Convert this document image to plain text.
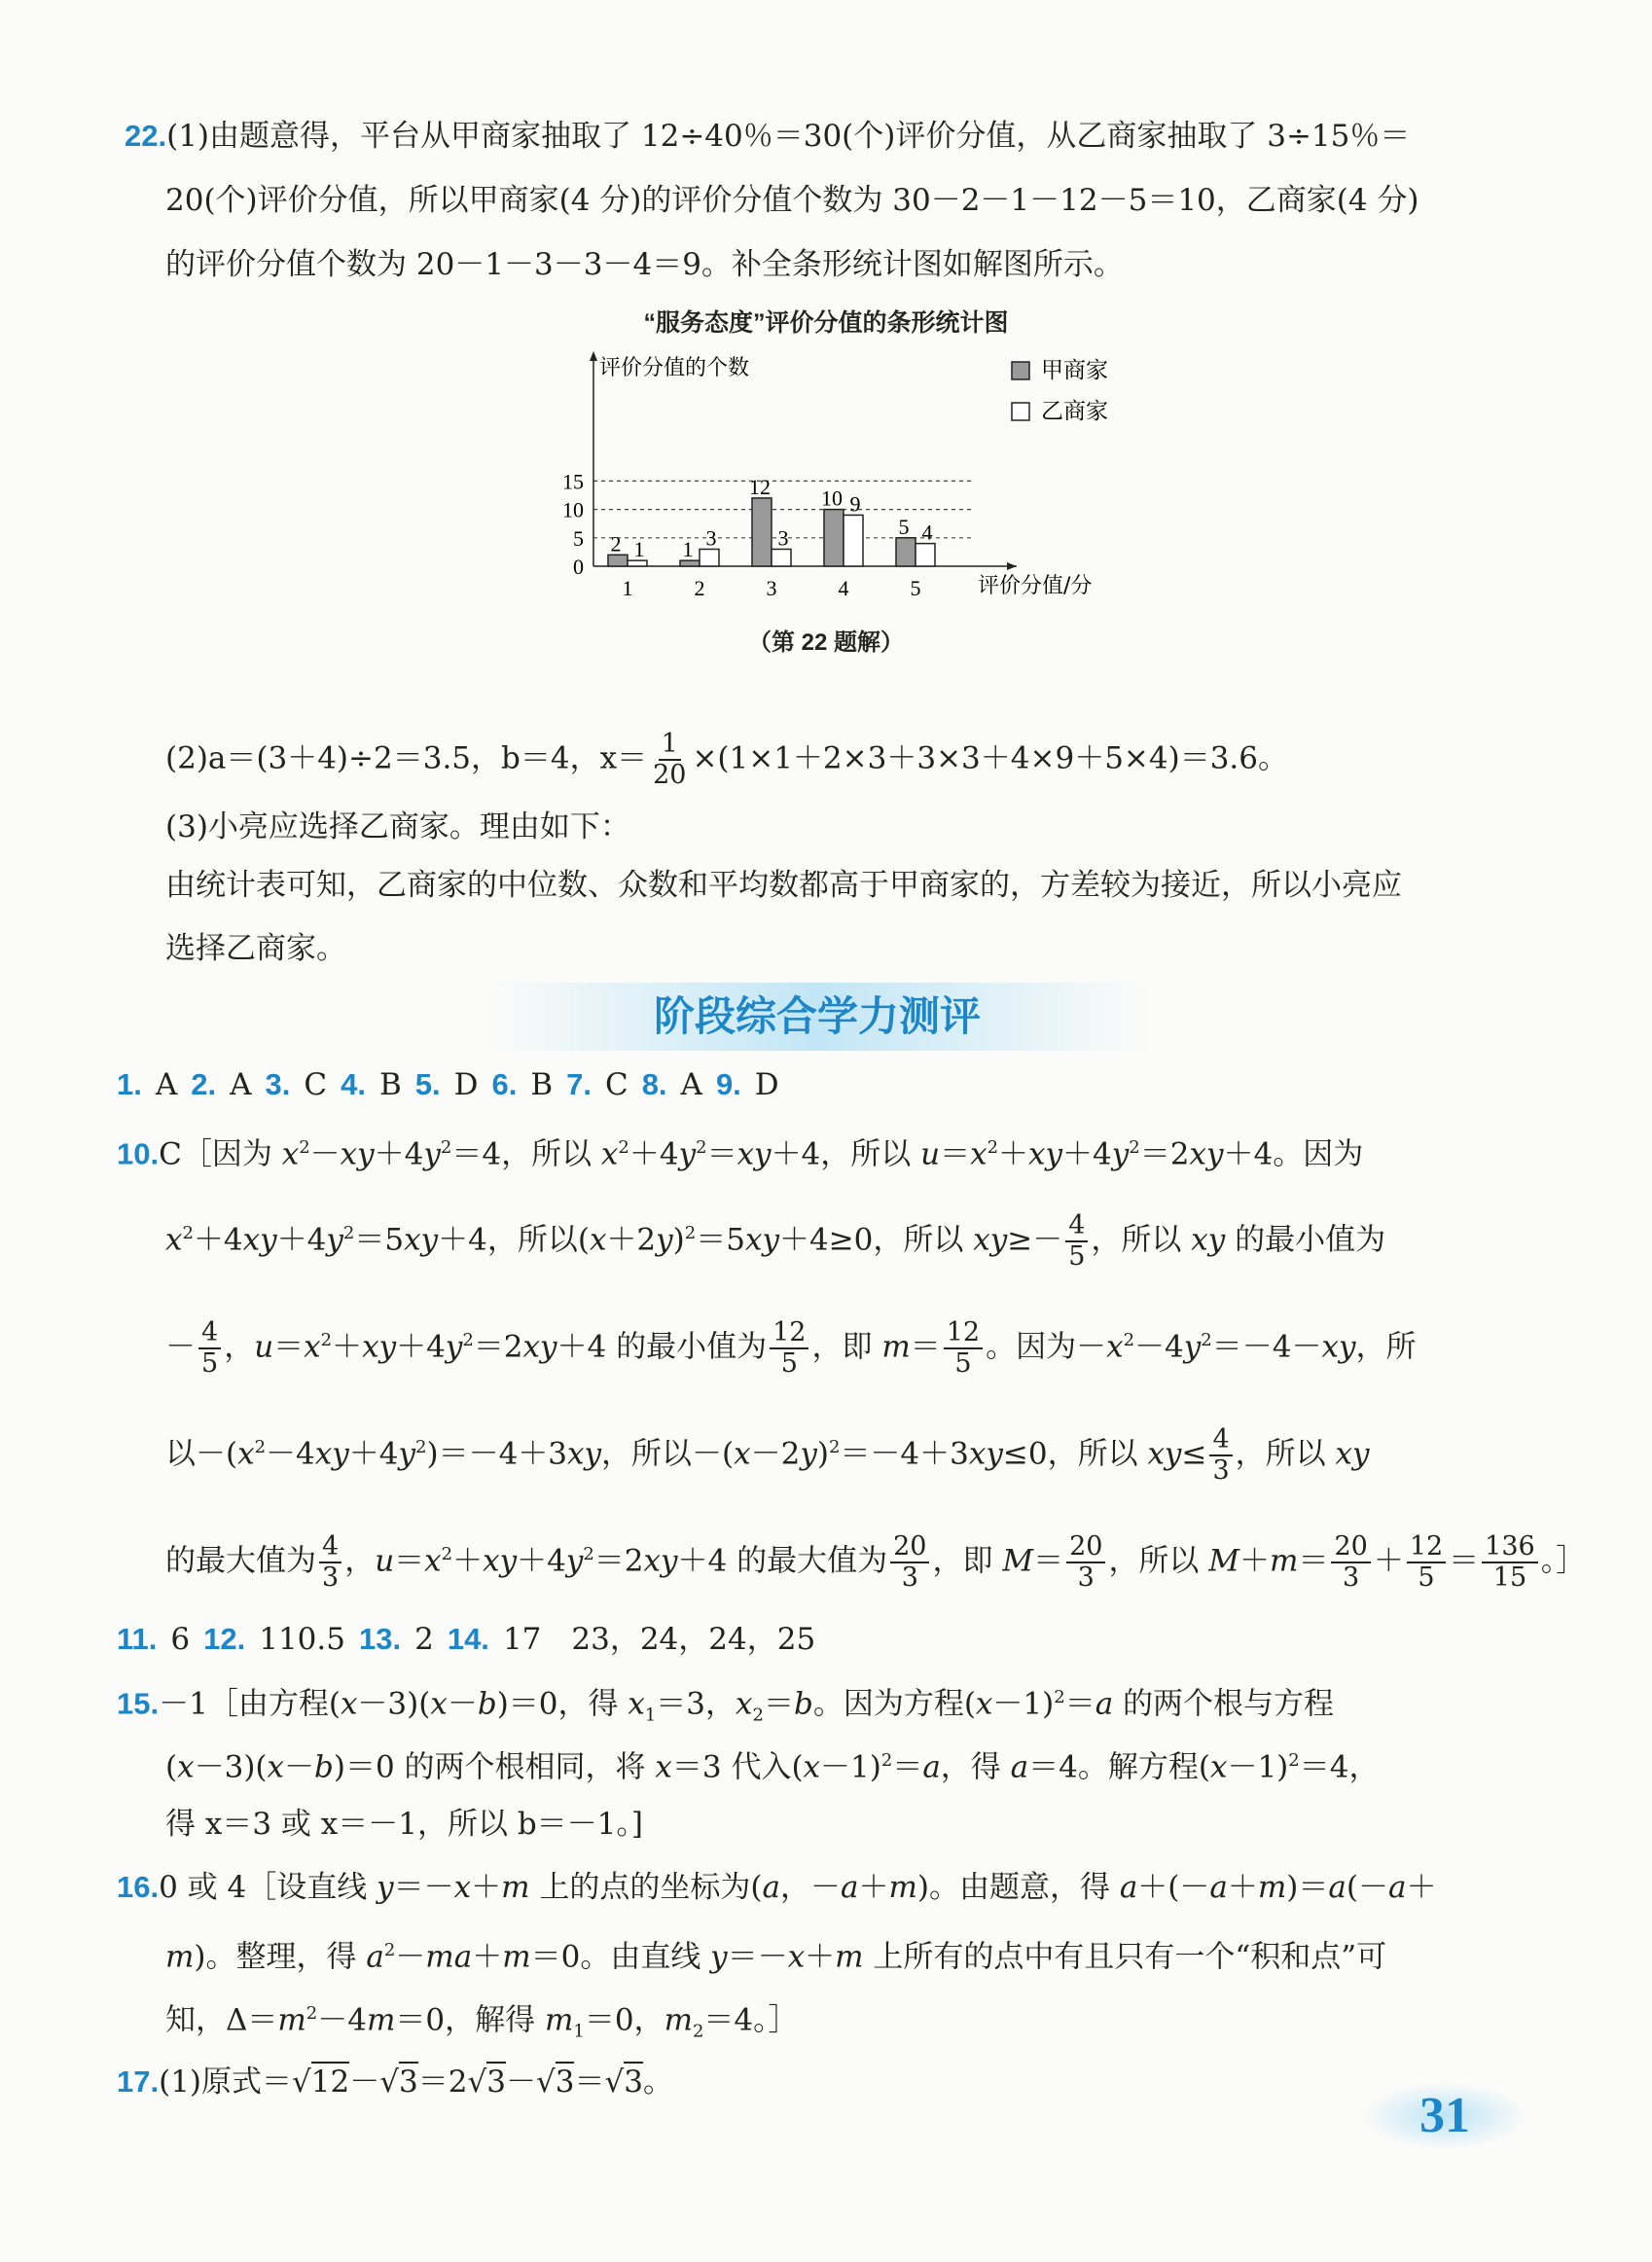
22.(1)由题意得，平台从甲商家抽取了 12÷40％＝30(个)评价分值，从乙商家抽取了 3÷15％＝
20(个)评价分值，所以甲商家(4 分)的评价分值个数为 30－2－1－12－5＝10，乙商家(4 分)
的评价分值个数为 20－1－3－3－4＝9。补全条形统计图如解图所示。
“服务态度”评价分值的条形统计图
0
5
10
15
评价分值的个数
评价分值/分
1
2 1
2
1 3
3
12
3
4
10 9
5
5 4
甲商家
乙商家
（第 22 题解）
(2)a＝(3＋4)÷2＝3.5，b＝4，$x= \frac{1}{20} \times(1\times 1+2\times 3+3\times 3+4\times 9+5\times 4)=3.6$。
(3)小亮应选择乙商家。理由如下：
由统计表可知，乙商家的中位数、众数和平均数都高于甲商家的，方差较为接近，所以小亮应
选择乙商家。
阶段综合学力测评
1. A 2. A 3. C 4. B 5. D 6. B 7. C 8. A 9. D
10.C［因为 $x^2-xy+4y^2=4$，所以 $x^2+4y^2=xy+4$，所以 $u=x^2+xy+4y^2=2xy+4$。因为
$x^2+4xy+4y^2=5xy+4$，所以$(x+2y)^2=5xy+4\ge 0$，所以 $xy\ge- \frac{4}{5}$ ，所以 xy 的最小值为
－ $\frac{4}{5}$ ，$u=x^2+xy+4y^2=2xy+4$ 的最小值为 $\frac{12}{5}$ ，即 $m= \frac{12}{5}$ 。因为$-x^2-4y^2=-4-xy$，所
以$-(x^2-4xy+4y^2)=-4+3xy$，所以$-(x-2y)^2=-4+3xy\le 0$，所以 $xy\le \frac{4}{3}$ ，所以 xy
的最大值为 $\frac{4}{3}$ ，$u=x^2+xy+4y^2=2xy+4$ 的最大值为 $\frac{20}{3}$ ，即 $M= \frac{20}{3}$ ，所以 $M+m= \frac{20}{3} + \frac{12}{5} = \frac{136}{15}$ 。］
11. 6 12. 110.5 13. 2 14. 17　23，24，24，25
15.－1［由方程(x－3)(x－b)＝0，得 $x_1=3$，$x_2=b$。因为方程$(x-1)^2=a$ 的两个根与方程
(x－3)(x－b)＝0 的两个根相同，将 x＝3 代入$(x-1)^2=a$，得 a＝4。解方程$(x-1)^2=4$，
得 x＝3 或 x＝－1，所以 b＝－1。]
16.0 或 4［设直线 y＝－x＋m 上的点的坐标为(a，－a＋m)。由题意，得 a＋(－a＋m)＝a(－a＋
m)。整理，得 $a^2-ma+m=0$。由直线 y＝－x＋m 上所有的点中有且只有一个“积和点”可
知，$\Delta=m^2-4m=0$，解得 $m_1=0$，$m_2=4$。］
17.(1)原式＝√12－√3＝2√3－√3＝√3。
31
